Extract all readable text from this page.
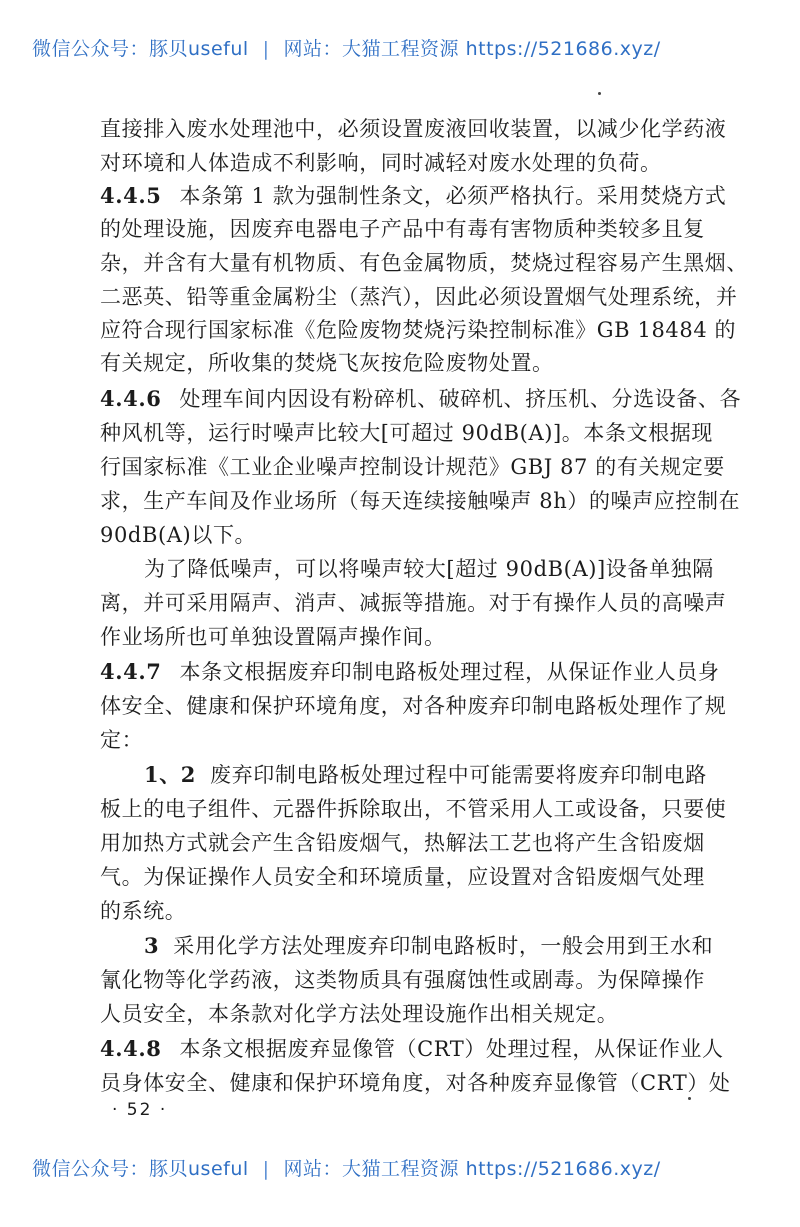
微信公众号：豚贝useful | 网站：大猫工程资源 https://521686.xyz/
直接排入废水处理池中，必须设置废液回收装置，以减少化学药液
对环境和人体造成不利影响，同时减轻对废水处理的负荷。
4.4.5 本条第 1 款为强制性条文，必须严格执行。采用焚烧方式
的处理设施，因废弃电器电子产品中有毒有害物质种类较多且复
杂，并含有大量有机物质、有色金属物质，焚烧过程容易产生黑烟、
二恶英、铅等重金属粉尘（蒸汽），因此必须设置烟气处理系统，并
应符合现行国家标准《危险废物焚烧污染控制标准》GB 18484 的
有关规定，所收集的焚烧飞灰按危险废物处置。
4.4.6 处理车间内因设有粉碎机、破碎机、挤压机、分选设备、各
种风机等，运行时噪声比较大[可超过 90dB(A)]。本条文根据现
行国家标准《工业企业噪声控制设计规范》GBJ 87 的有关规定要
求，生产车间及作业场所（每天连续接触噪声 8h）的噪声应控制在
90dB(A)以下。
为了降低噪声，可以将噪声较大[超过 90dB(A)]设备单独隔
离，并可采用隔声、消声、减振等措施。对于有操作人员的高噪声
作业场所也可单独设置隔声操作间。
4.4.7 本条文根据废弃印制电路板处理过程，从保证作业人员身
体安全、健康和保护环境角度，对各种废弃印制电路板处理作了规
定：
1、2 废弃印制电路板处理过程中可能需要将废弃印制电路
板上的电子组件、元器件拆除取出，不管采用人工或设备，只要使
用加热方式就会产生含铅废烟气，热解法工艺也将产生含铅废烟
气。为保证操作人员安全和环境质量，应设置对含铅废烟气处理
的系统。
3 采用化学方法处理废弃印制电路板时，一般会用到王水和
氰化物等化学药液，这类物质具有强腐蚀性或剧毒。为保障操作
人员安全，本条款对化学方法处理设施作出相关规定。
4.4.8 本条文根据废弃显像管（CRT）处理过程，从保证作业人
员身体安全、健康和保护环境角度，对各种废弃显像管（CRT）处
· 52 ·
微信公众号：豚贝useful | 网站：大猫工程资源 https://521686.xyz/
